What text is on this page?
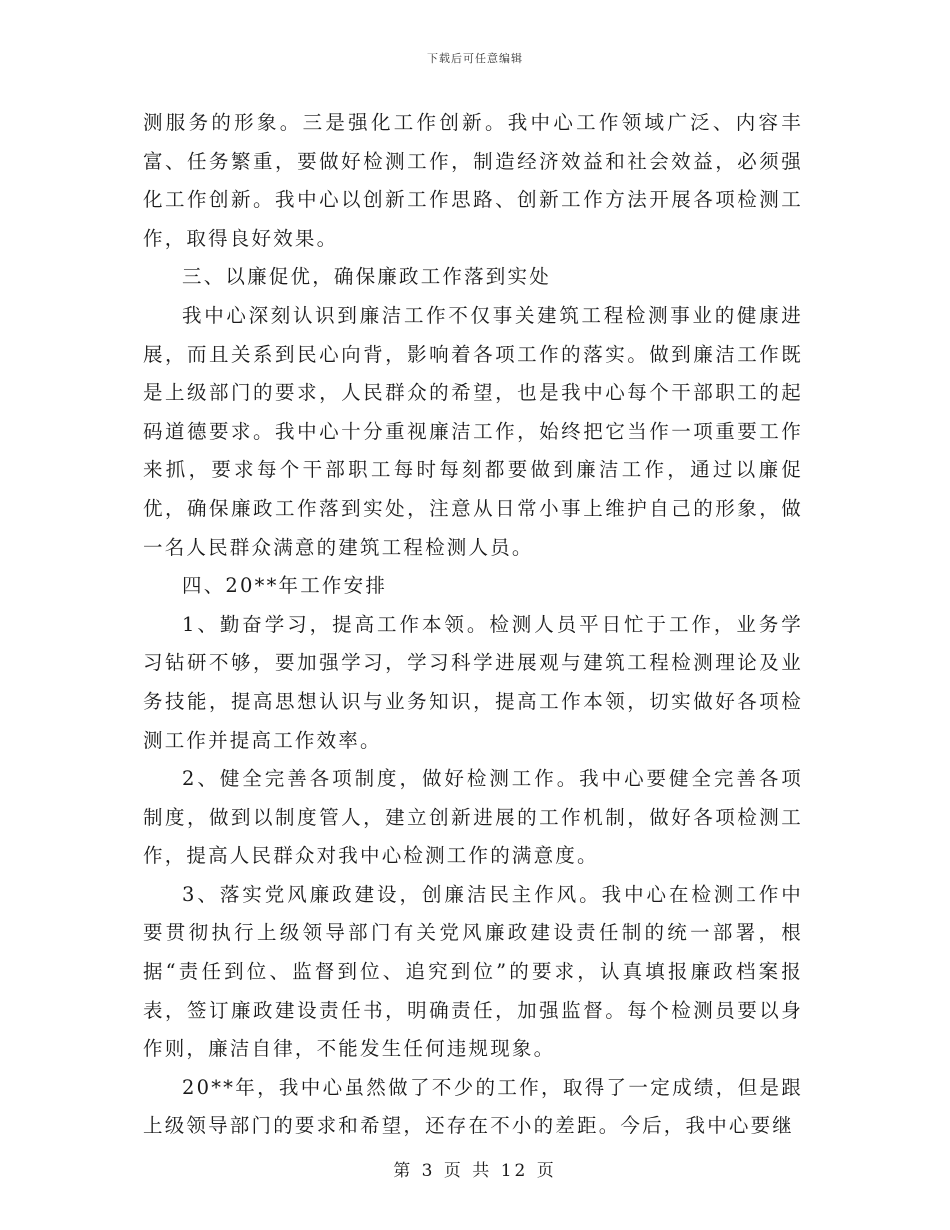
下载后可任意编辑

测服务的形象。三是强化工作创新。我中心工作领域广泛、内容丰富、任务繁重，要做好检测工作，制造经济效益和社会效益，必须强化工作创新。我中心以创新工作思路、创新工作方法开展各项检测工作，取得良好效果。

三、以廉促优，确保廉政工作落到实处

我中心深刻认识到廉洁工作不仅事关建筑工程检测事业的健康进展，而且关系到民心向背，影响着各项工作的落实。做到廉洁工作既是上级部门的要求，人民群众的希望，也是我中心每个干部职工的起码道德要求。我中心十分重视廉洁工作，始终把它当作一项重要工作来抓，要求每个干部职工每时每刻都要做到廉洁工作，通过以廉促优，确保廉政工作落到实处，注意从日常小事上维护自己的形象，做一名人民群众满意的建筑工程检测人员。

四、20**年工作安排

1、勤奋学习，提高工作本领。检测人员平日忙于工作，业务学习钻研不够，要加强学习，学习科学进展观与建筑工程检测理论及业务技能，提高思想认识与业务知识，提高工作本领，切实做好各项检测工作并提高工作效率。

2、健全完善各项制度，做好检测工作。我中心要健全完善各项制度，做到以制度管人，建立创新进展的工作机制，做好各项检测工作，提高人民群众对我中心检测工作的满意度。

3、落实党风廉政建设，创廉洁民主作风。我中心在检测工作中要贯彻执行上级领导部门有关党风廉政建设责任制的统一部署，根据“责任到位、监督到位、追究到位”的要求，认真填报廉政档案报表，签订廉政建设责任书，明确责任，加强监督。每个检测员要以身作则，廉洁自律，不能发生任何违规现象。

20**年，我中心虽然做了不少的工作，取得了一定成绩，但是跟上级领导部门的要求和希望，还存在不小的差距。今后，我中心要继

第 3 页 共 12 页
